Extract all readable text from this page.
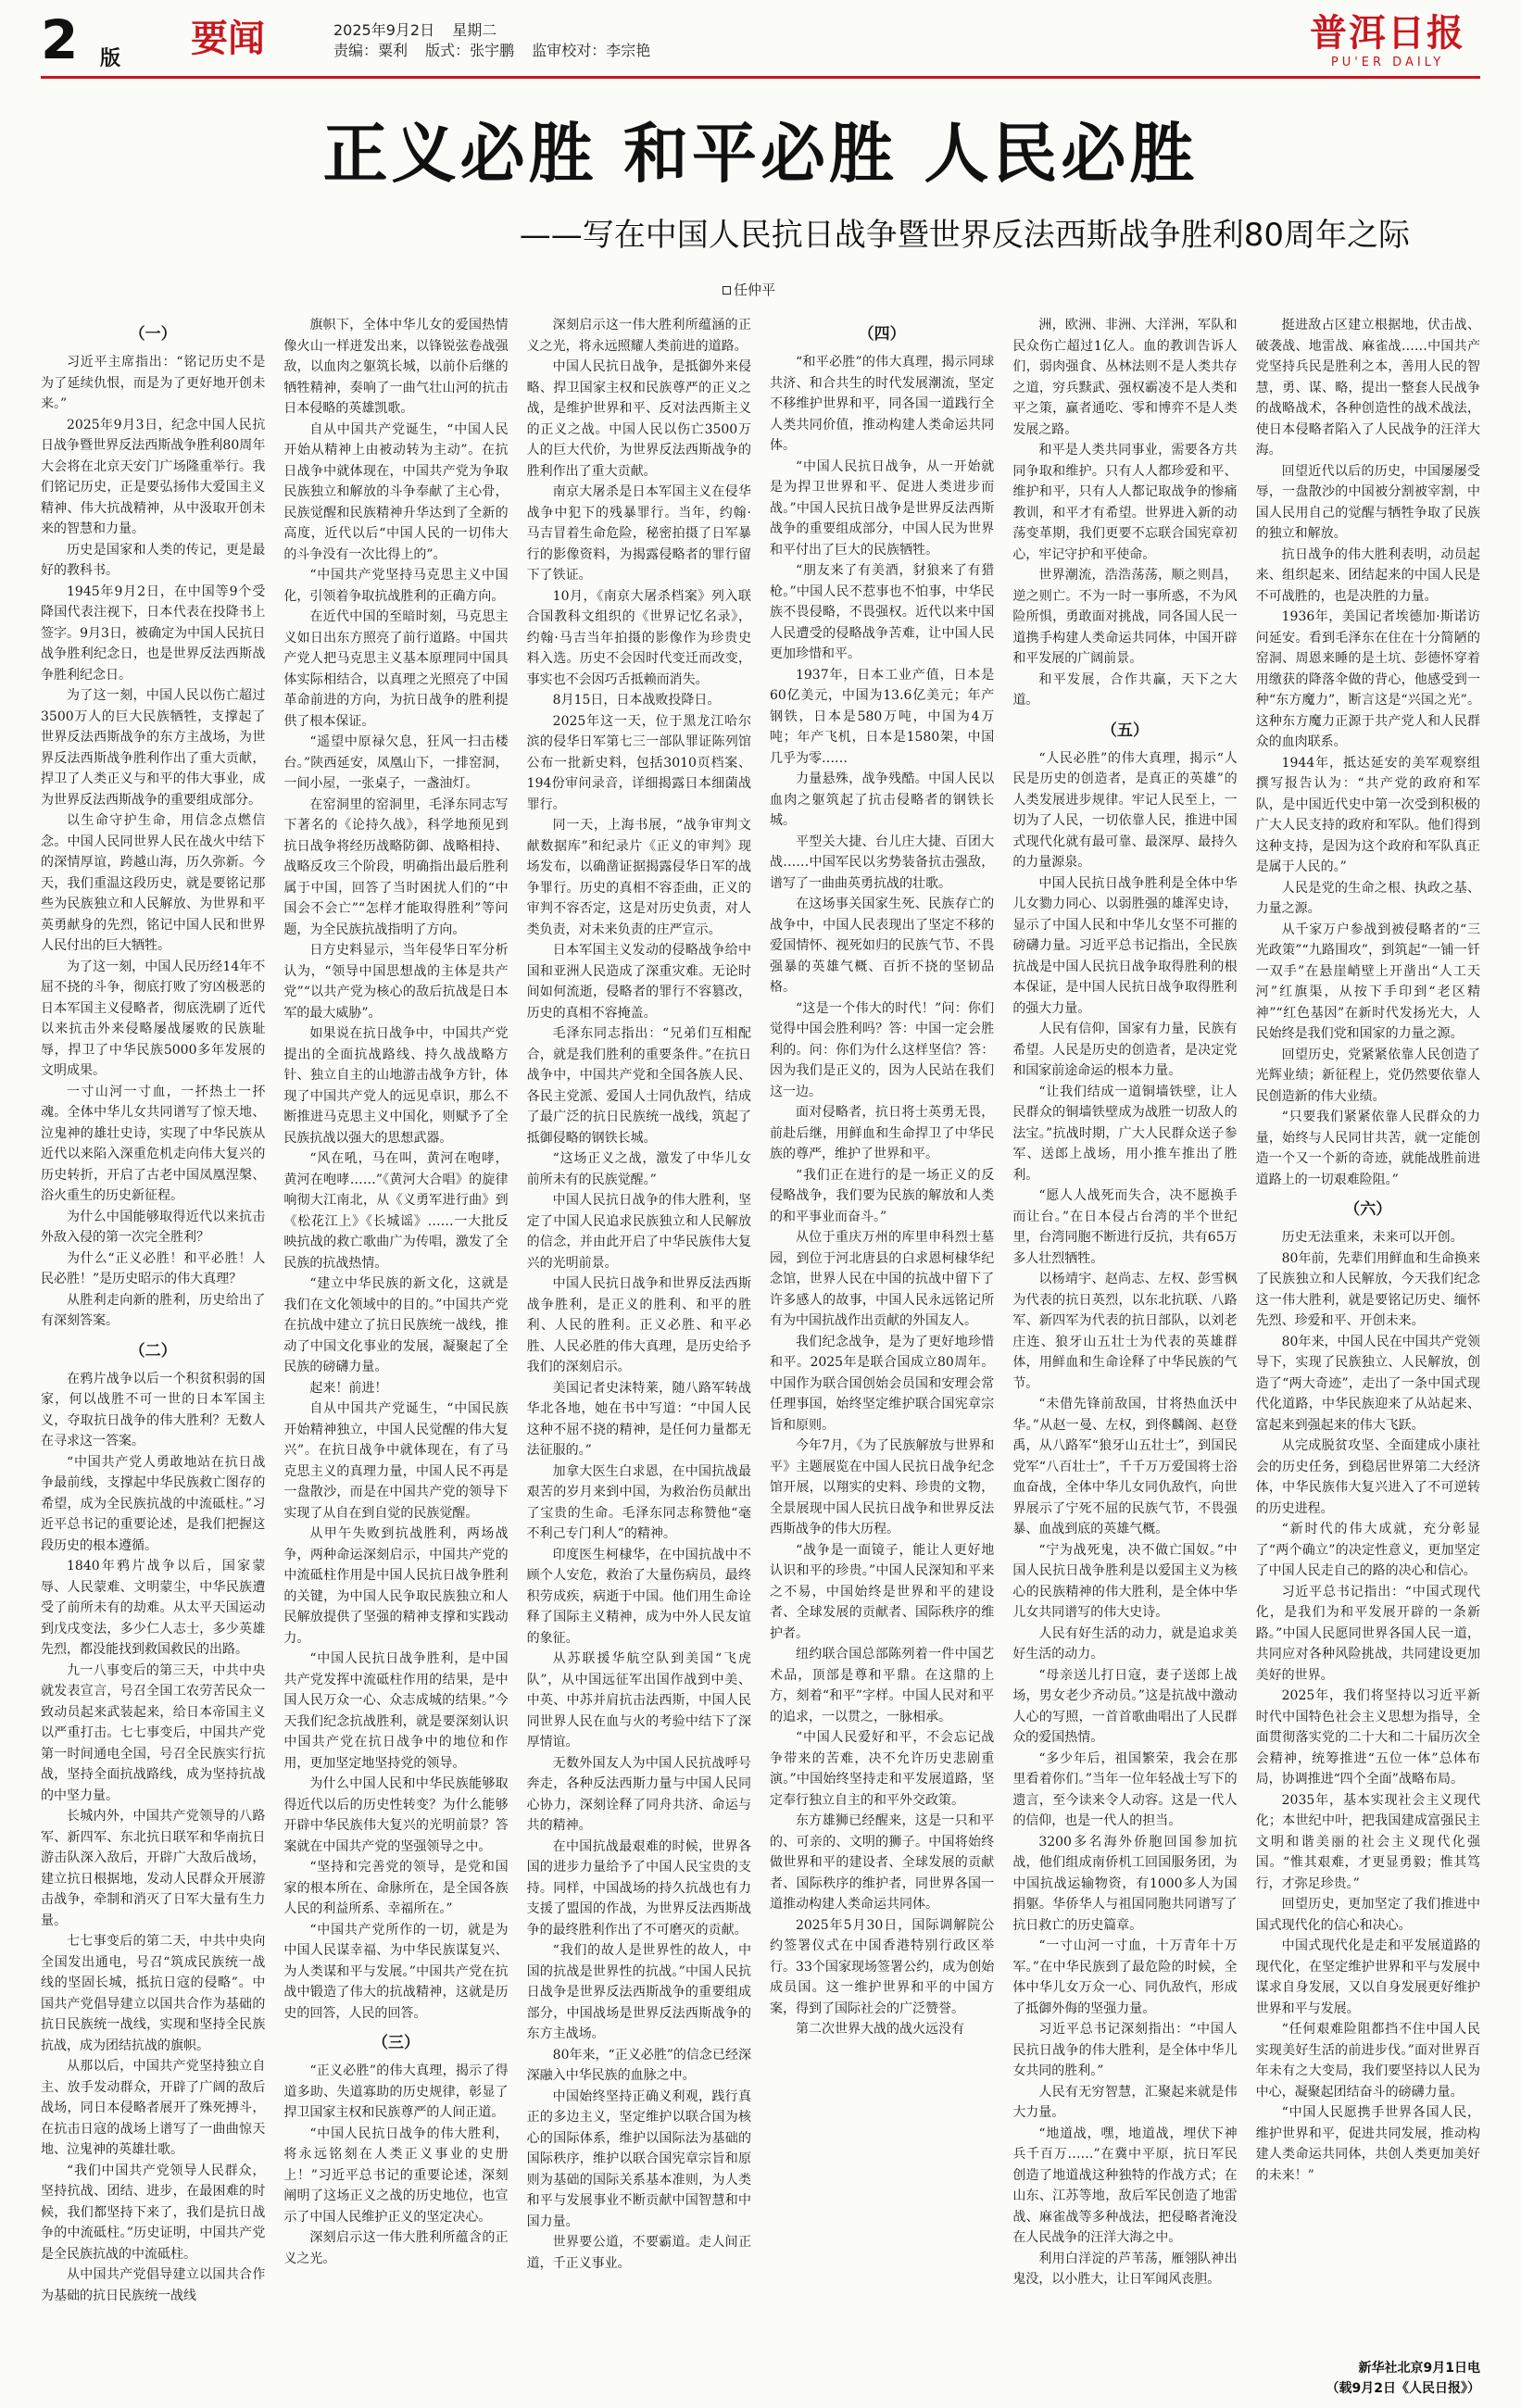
2 版 要闻	2025年9月2日 星期二
责编：粟利 版式：张宇鹏 监审校对：李宗艳	普洱日报
PU'ER DAILY
正义必胜 和平必胜 人民必胜
——写在中国人民抗日战争暨世界反法西斯战争胜利80周年之际
任仲平
（一）

习近平主席指出：“铭记历史不是为了延续仇恨，而是为了更好地开创未来。”

2025年9月3日，纪念中国人民抗日战争暨世界反法西斯战争胜利80周年大会将在北京天安门广场隆重举行。我们铭记历史，正是要弘扬伟大爱国主义精神、伟大抗战精神，从中汲取开创未来的智慧和力量。

历史是国家和人类的传记，更是最好的教科书。

1945年9月2日，在中国等9个受降国代表注视下，日本代表在投降书上签字。9月3日，被确定为中国人民抗日战争胜利纪念日，也是世界反法西斯战争胜利纪念日。

为了这一刻，中国人民以伤亡超过3500万人的巨大民族牺牲，支撑起了世界反法西斯战争的东方主战场，为世界反法西斯战争胜利作出了重大贡献，捍卫了人类正义与和平的伟大事业，成为世界反法西斯战争的重要组成部分。

以生命守护生命，用信念点燃信念。中国人民同世界人民在战火中结下的深情厚谊，跨越山海，历久弥新。今天，我们重温这段历史，就是要铭记那些为民族独立和人民解放、为世界和平英勇献身的先烈，铭记中国人民和世界人民付出的巨大牺牲。

为了这一刻，中国人民历经14年不屈不挠的斗争，彻底打败了穷凶极恶的日本军国主义侵略者，彻底洗刷了近代以来抗击外来侵略屡战屡败的民族耻辱，捍卫了中华民族5000多年发展的文明成果。

一寸山河一寸血，一抔热土一抔魂。全体中华儿女共同谱写了惊天地、泣鬼神的雄壮史诗，实现了中华民族从近代以来陷入深重危机走向伟大复兴的历史转折，开启了古老中国凤凰涅槃、浴火重生的历史新征程。

为什么中国能够取得近代以来抗击外敌入侵的第一次完全胜利？

为什么“正义必胜！和平必胜！人民必胜！”是历史昭示的伟大真理？

从胜利走向新的胜利，历史给出了有深刻答案。

（二）

在鸦片战争以后一个积贫积弱的国家，何以战胜不可一世的日本军国主义，夺取抗日战争的伟大胜利？无数人在寻求这一答案。

“中国共产党人勇敢地站在抗日战争最前线，支撑起中华民族救亡图存的希望，成为全民族抗战的中流砥柱。”习近平总书记的重要论述，是我们把握这段历史的根本遵循。

1840年鸦片战争以后，国家蒙辱、人民蒙难、文明蒙尘，中华民族遭受了前所未有的劫难。从太平天国运动到戊戌变法，多少仁人志士，多少英雄先烈，都没能找到救国救民的出路。

九一八事变后的第三天，中共中央就发表宣言，号召全国工农劳苦民众一致动员起来武装起来，给日本帝国主义以严重打击。七七事变后，中国共产党第一时间通电全国，号召全民族实行抗战，坚持全面抗战路线，成为坚持抗战的中坚力量。

长城内外，中国共产党领导的八路军、新四军、东北抗日联军和华南抗日游击队深入敌后，开辟广大敌后战场，建立抗日根据地，发动人民群众开展游击战争，牵制和消灭了日军大量有生力量。

七七事变后的第二天，中共中央向全国发出通电，号召“筑成民族统一战线的坚固长城，抵抗日寇的侵略”。中国共产党倡导建立以国共合作为基础的抗日民族统一战线，实现和坚持全民族抗战，成为团结抗战的旗帜。

从那以后，中国共产党坚持独立自主、放手发动群众，开辟了广阔的敌后战场，同日本侵略者展开了殊死搏斗，在抗击日寇的战场上谱写了一曲曲惊天地、泣鬼神的英雄壮歌。

“我们中国共产党领导人民群众，坚持抗战、团结、进步，在最困难的时候，我们都坚持下来了，我们是抗日战争的中流砥柱。”历史证明，中国共产党是全民族抗战的中流砥柱。

从中国共产党倡导建立以国共合作为基础的抗日民族统一战线

旗帜下，全体中华儿女的爱国热情像火山一样迸发出来，以锋锐弦卷战强敌，以血肉之躯筑长城，以前仆后继的牺牲精神，奏响了一曲气壮山河的抗击日本侵略的英雄凯歌。

自从中国共产党诞生，“中国人民开始从精神上由被动转为主动”。在抗日战争中就体现在，中国共产党为争取民族独立和解放的斗争奉献了主心骨，民族觉醒和民族精神升华达到了全新的高度，近代以后“中国人民的一切伟大的斗争没有一次比得上的”。

“中国共产党坚持马克思主义中国化，引领着争取抗战胜利的正确方向。

在近代中国的至暗时刻，马克思主义如日出东方照亮了前行道路。中国共产党人把马克思主义基本原理同中国具体实际相结合，以真理之光照亮了中国革命前进的方向，为抗日战争的胜利提供了根本保证。

“遥望中原禄欠息，狂风一扫击楼台。”陕西延安，凤凰山下，一排窑洞，一间小屋，一张桌子，一盏油灯。

在窑洞里的窑洞里，毛泽东同志写下著名的《论持久战》，科学地预见到抗日战争将经历战略防御、战略相持、战略反攻三个阶段，明确指出最后胜利属于中国，回答了当时困扰人们的“中国会不会亡”“怎样才能取得胜利”等问题，为全民族抗战指明了方向。

日方史料显示，当年侵华日军分析认为，“领导中国思想战的主体是共产党”“以共产党为核心的敌后抗战是日本军的最大威胁”。

如果说在抗日战争中，中国共产党提出的全面抗战路线、持久战战略方针、独立自主的山地游击战争方针，体现了中国共产党人的远见卓识，那么不断推进马克思主义中国化，则赋予了全民族抗战以强大的思想武器。

“风在吼，马在叫，黄河在咆哮，黄河在咆哮……”《黄河大合唱》的旋律响彻大江南北，从《义勇军进行曲》到《松花江上》《长城谣》……一大批反映抗战的救亡歌曲广为传唱，激发了全民族的抗战热情。

“建立中华民族的新文化，这就是我们在文化领域中的目的。”中国共产党在抗战中建立了抗日民族统一战线，推动了中国文化事业的发展，凝聚起了全民族的磅礴力量。

起来！前进！

自从中国共产党诞生，“中国民族开始精神独立，中国人民觉醒的伟大复兴”。在抗日战争中就体现在，有了马克思主义的真理力量，中国人民不再是一盘散沙，而是在中国共产党的领导下实现了从自在到自觉的民族觉醒。

从甲午失败到抗战胜利，两场战争，两种命运深刻启示，中国共产党的中流砥柱作用是中国人民抗日战争胜利的关键，为中国人民争取民族独立和人民解放提供了坚强的精神支撑和实践动力。

“中国人民抗日战争胜利，是中国共产党发挥中流砥柱作用的结果，是中国人民万众一心、众志成城的结果。”今天我们纪念抗战胜利，就是要深刻认识中国共产党在抗日战争中的地位和作用，更加坚定地坚持党的领导。

为什么中国人民和中华民族能够取得近代以后的历史性转变？为什么能够开辟中华民族伟大复兴的光明前景？答案就在中国共产党的坚强领导之中。

“坚持和完善党的领导，是党和国家的根本所在、命脉所在，是全国各族人民的利益所系、幸福所在。”

“中国共产党所作的一切，就是为中国人民谋幸福、为中华民族谋复兴、为人类谋和平与发展。”中国共产党在抗战中锻造了伟大的抗战精神，这就是历史的回答，人民的回答。

（三）

“正义必胜”的伟大真理，揭示了得道多助、失道寡助的历史规律，彰显了捍卫国家主权和民族尊严的人间正道。

“中国人民抗日战争的伟大胜利，将永远铭刻在人类正义事业的史册上！”习近平总书记的重要论述，深刻阐明了这场正义之战的历史地位，也宣示了中国人民维护正义的坚定决心。

深刻启示这一伟大胜利所蕴含的正义之光。

深刻启示这一伟大胜利所蕴涵的正义之光，将永远照耀人类前进的道路。

中国人民抗日战争，是抵御外来侵略、捍卫国家主权和民族尊严的正义之战，是维护世界和平、反对法西斯主义的正义之战。中国人民以伤亡3500万人的巨大代价，为世界反法西斯战争的胜利作出了重大贡献。

南京大屠杀是日本军国主义在侵华战争中犯下的残暴罪行。当年，约翰·马吉冒着生命危险，秘密拍摄了日军暴行的影像资料，为揭露侵略者的罪行留下了铁证。

10月，《南京大屠杀档案》列入联合国教科文组织的《世界记忆名录》，约翰·马吉当年拍摄的影像作为珍贵史料入选。历史不会因时代变迁而改变，事实也不会因巧舌抵赖而消失。

8月15日，日本战败投降日。

2025年这一天，位于黑龙江哈尔滨的侵华日军第七三一部队罪证陈列馆公布一批新史料，包括3010页档案、194份审问录音，详细揭露日本细菌战罪行。

同一天，上海书展，“战争审判文献数据库”和纪录片《正义的审判》现场发布，以确凿证据揭露侵华日军的战争罪行。历史的真相不容歪曲，正义的审判不容否定，这是对历史负责，对人类负责，对未来负责的庄严宣示。

日本军国主义发动的侵略战争给中国和亚洲人民造成了深重灾难。无论时间如何流逝，侵略者的罪行不容篡改，历史的真相不容掩盖。

毛泽东同志指出：“兄弟们互相配合，就是我们胜利的重要条件。”在抗日战争中，中国共产党和全国各族人民、各民主党派、爱国人士同仇敌忾，结成了最广泛的抗日民族统一战线，筑起了抵御侵略的钢铁长城。

“这场正义之战，激发了中华儿女前所未有的民族觉醒。”

中国人民抗日战争的伟大胜利，坚定了中国人民追求民族独立和人民解放的信念，并由此开启了中华民族伟大复兴的光明前景。

中国人民抗日战争和世界反法西斯战争胜利，是正义的胜利、和平的胜利、人民的胜利。正义必胜、和平必胜、人民必胜的伟大真理，是历史给予我们的深刻启示。

美国记者史沫特莱，随八路军转战华北各地，她在书中写道：“中国人民这种不屈不挠的精神，是任何力量都无法征服的。”

加拿大医生白求恩，在中国抗战最艰苦的岁月来到中国，为救治伤员献出了宝贵的生命。毛泽东同志称赞他“毫不利己专门利人”的精神。

印度医生柯棣华，在中国抗战中不顾个人安危，救治了大量伤病员，最终积劳成疾，病逝于中国。他们用生命诠释了国际主义精神，成为中外人民友谊的象征。

从苏联援华航空队到美国“飞虎队”，从中国远征军出国作战到中美、中英、中苏并肩抗击法西斯，中国人民同世界人民在血与火的考验中结下了深厚情谊。

无数外国友人为中国人民抗战呼号奔走，各种反法西斯力量与中国人民同心协力，深刻诠释了同舟共济、命运与共的精神。

在中国抗战最艰难的时候，世界各国的进步力量给予了中国人民宝贵的支持。同样，中国战场的持久抗战也有力支援了盟国的作战，为世界反法西斯战争的最终胜利作出了不可磨灭的贡献。

“我们的故人是世界性的故人，中国的抗战是世界性的抗战。”中国人民抗日战争是世界反法西斯战争的重要组成部分，中国战场是世界反法西斯战争的东方主战场。

80年来，“正义必胜”的信念已经深深融入中华民族的血脉之中。

中国始终坚持正确义利观，践行真正的多边主义，坚定维护以联合国为核心的国际体系，维护以国际法为基础的国际秩序，维护以联合国宪章宗旨和原则为基础的国际关系基本准则，为人类和平与发展事业不断贡献中国智慧和中国力量。

世界要公道，不要霸道。走人间正道，千正义事业。

（四）

“和平必胜”的伟大真理，揭示同球共济、和合共生的时代发展潮流，坚定不移维护世界和平，同各国一道践行全人类共同价值，推动构建人类命运共同体。

“中国人民抗日战争，从一开始就是为捍卫世界和平、促进人类进步而战。”中国人民抗日战争是世界反法西斯战争的重要组成部分，中国人民为世界和平付出了巨大的民族牺牲。

“朋友来了有美酒，豺狼来了有猎枪。”中国人民不惹事也不怕事，中华民族不畏侵略，不畏强权。近代以来中国人民遭受的侵略战争苦难，让中国人民更加珍惜和平。

1937年，日本工业产值，日本是60亿美元，中国为13.6亿美元；年产钢铁，日本是580万吨，中国为4万吨；年产飞机，日本是1580架，中国几乎为零……

力量悬殊，战争残酷。中国人民以血肉之躯筑起了抗击侵略者的钢铁长城。

平型关大捷、台儿庄大捷、百团大战……中国军民以劣势装备抗击强敌，谱写了一曲曲英勇抗战的壮歌。

在这场事关国家生死、民族存亡的战争中，中国人民表现出了坚定不移的爱国情怀、视死如归的民族气节、不畏强暴的英雄气概、百折不挠的坚韧品格。

“这是一个伟大的时代！”问：你们觉得中国会胜利吗？答：中国一定会胜利的。问：你们为什么这样坚信？答：因为我们是正义的，因为人民站在我们这一边。

面对侵略者，抗日将士英勇无畏，前赴后继，用鲜血和生命捍卫了中华民族的尊严，维护了世界和平。

“我们正在进行的是一场正义的反侵略战争，我们要为民族的解放和人类的和平事业而奋斗。”

从位于重庆万州的库里申科烈士墓园，到位于河北唐县的白求恩柯棣华纪念馆，世界人民在中国的抗战中留下了许多感人的故事，中国人民永远铭记所有为中国抗战作出贡献的外国友人。

我们纪念战争，是为了更好地珍惜和平。2025年是联合国成立80周年。中国作为联合国创始会员国和安理会常任理事国，始终坚定维护联合国宪章宗旨和原则。

今年7月，《为了民族解放与世界和平》主题展览在中国人民抗日战争纪念馆开展，以翔实的史料、珍贵的文物，全景展现中国人民抗日战争和世界反法西斯战争的伟大历程。

“战争是一面镜子，能让人更好地认识和平的珍贵。”中国人民深知和平来之不易，中国始终是世界和平的建设者、全球发展的贡献者、国际秩序的维护者。

纽约联合国总部陈列着一件中国艺术品，顶部是尊和平鼎。在这鼎的上方，刻着“和平”字样。中国人民对和平的追求，一以贯之，一脉相承。

“中国人民爱好和平，不会忘记战争带来的苦难，决不允许历史悲剧重演。”中国始终坚持走和平发展道路，坚定奉行独立自主的和平外交政策。

东方雄狮已经醒来，这是一只和平的、可亲的、文明的狮子。中国将始终做世界和平的建设者、全球发展的贡献者、国际秩序的维护者，同世界各国一道推动构建人类命运共同体。

2025年5月30日，国际调解院公约签署仪式在中国香港特别行政区举行。33个国家现场签署公约，成为创始成员国。这一维护世界和平的中国方案，得到了国际社会的广泛赞誉。

第二次世界大战的战火远没有

洲，欧洲、非洲、大洋洲，军队和民众伤亡超过1亿人。血的教训告诉人们，弱肉强食、丛林法则不是人类共存之道，穷兵黩武、强权霸凌不是人类和平之策，赢者通吃、零和博弈不是人类发展之路。

和平是人类共同事业，需要各方共同争取和维护。只有人人都珍爱和平、维护和平，只有人人都记取战争的惨痛教训，和平才有希望。世界进入新的动荡变革期，我们更要不忘联合国宪章初心，牢记守护和平使命。

世界潮流，浩浩荡荡，顺之则昌，逆之则亡。不为一时一事所惑，不为风险所惧，勇敢面对挑战，同各国人民一道携手构建人类命运共同体，中国开辟和平发展的广阔前景。

和平发展，合作共赢，天下之大道。

（五）

“人民必胜”的伟大真理，揭示“人民是历史的创造者，是真正的英雄”的人类发展进步规律。牢记人民至上，一切为了人民，一切依靠人民，推进中国式现代化就有最可靠、最深厚、最持久的力量源泉。

中国人民抗日战争胜利是全体中华儿女勠力同心、以弱胜强的雄浑史诗，显示了中国人民和中华儿女坚不可摧的磅礴力量。习近平总书记指出，全民族抗战是中国人民抗日战争取得胜利的根本保证，是中国人民抗日战争取得胜利的强大力量。

人民有信仰，国家有力量，民族有希望。人民是历史的创造者，是决定党和国家前途命运的根本力量。

“让我们结成一道铜墙铁壁，让人民群众的铜墙铁壁成为战胜一切敌人的法宝。”抗战时期，广大人民群众送子参军、送郎上战场，用小推车推出了胜利。

“愿人人战死而失合，决不愿换手而让台。”在日本侵占台湾的半个世纪里，台湾同胞不断进行反抗，共有65万多人壮烈牺牲。

以杨靖宇、赵尚志、左权、彭雪枫为代表的抗日英烈，以东北抗联、八路军、新四军为代表的抗日部队，以刘老庄连、狼牙山五壮士为代表的英雄群体，用鲜血和生命诠释了中华民族的气节。

“未借先锋前敌国，甘将热血沃中华。”从赵一曼、左权，到佟麟阁、赵登禹，从八路军“狼牙山五壮士”，到国民党军“八百壮士”，千千万万爱国将士浴血奋战，全体中华儿女同仇敌忾，向世界展示了宁死不屈的民族气节，不畏强暴、血战到底的英雄气概。

“宁为战死鬼，决不做亡国奴。”中国人民抗日战争胜利是以爱国主义为核心的民族精神的伟大胜利，是全体中华儿女共同谱写的伟大史诗。

人民有好生活的动力，就是追求美好生活的动力。

“母亲送儿打日寇，妻子送郎上战场，男女老少齐动员。”这是抗战中激动人心的写照，一首首歌曲唱出了人民群众的爱国热情。

“多少年后，祖国繁荣，我会在那里看着你们。”当年一位年轻战士写下的遗言，至今读来令人动容。这是一代人的信仰，也是一代人的担当。

3200多名海外侨胞回国参加抗战，他们组成南侨机工回国服务团，为中国抗战运输物资，有1000多人为国捐躯。华侨华人与祖国同胞共同谱写了抗日救亡的历史篇章。

“一寸山河一寸血，十万青年十万军。”在中华民族到了最危险的时候，全体中华儿女万众一心、同仇敌忾，形成了抵御外侮的坚强力量。

习近平总书记深刻指出：“中国人民抗日战争的伟大胜利，是全体中华儿女共同的胜利。”

人民有无穷智慧，汇聚起来就是伟大力量。

“地道战，嘿，地道战，埋伏下神兵千百万……”在冀中平原，抗日军民创造了地道战这种独特的作战方式；在山东、江苏等地，敌后军民创造了地雷战、麻雀战等多种战法，把侵略者淹没在人民战争的汪洋大海之中。

利用白洋淀的芦苇荡，雁翎队神出鬼没，以小胜大，让日军闻风丧胆。

挺进敌占区建立根据地，伏击战、破袭战、地雷战、麻雀战……中国共产党坚持兵民是胜利之本，善用人民的智慧，勇、谋、略，提出一整套人民战争的战略战术，各种创造性的战术战法，使日本侵略者陷入了人民战争的汪洋大海。

回望近代以后的历史，中国屡屡受辱，一盘散沙的中国被分割被宰割，中国人民用自己的觉醒与牺牲争取了民族的独立和解放。

抗日战争的伟大胜利表明，动员起来、组织起来、团结起来的中国人民是不可战胜的，也是决胜的力量。

1936年，美国记者埃德加·斯诺访问延安。看到毛泽东在住在十分简陋的窑洞、周恩来睡的是土坑、彭德怀穿着用缴获的降落伞做的背心，他感受到一种“东方魔力”，断言这是“兴国之光”。这种东方魔力正源于共产党人和人民群众的血肉联系。

1944年，抵达延安的美军观察组撰写报告认为：“共产党的政府和军队，是中国近代史中第一次受到积极的广大人民支持的政府和军队。他们得到这种支持，是因为这个政府和军队真正是属于人民的。”

人民是党的生命之根、执政之基、力量之源。

从千家万户参战到被侵略者的“三光政策”“九路围攻”，到筑起“一铺一钎一双手”在悬崖峭壁上开凿出“人工天河”红旗渠，从按下手印到“老区精神”“红色基因”在新时代发扬光大，人民始终是我们党和国家的力量之源。

回望历史，党紧紧依靠人民创造了光辉业绩；新征程上，党仍然要依靠人民创造新的伟大业绩。

“只要我们紧紧依靠人民群众的力量，始终与人民同甘共苦，就一定能创造一个又一个新的奇迹，就能战胜前进道路上的一切艰难险阻。”

（六）

历史无法重来，未来可以开创。

80年前，先辈们用鲜血和生命换来了民族独立和人民解放，今天我们纪念这一伟大胜利，就是要铭记历史、缅怀先烈、珍爱和平、开创未来。

80年来，中国人民在中国共产党领导下，实现了民族独立、人民解放，创造了“两大奇迹”，走出了一条中国式现代化道路，中华民族迎来了从站起来、富起来到强起来的伟大飞跃。

从完成脱贫攻坚、全面建成小康社会的历史任务，到稳居世界第二大经济体，中华民族伟大复兴进入了不可逆转的历史进程。

“新时代的伟大成就，充分彰显了“两个确立”的决定性意义，更加坚定了中国人民走自己的路的决心和信心。

习近平总书记指出：“中国式现代化，是我们为和平发展开辟的一条新路。”中国人民愿同世界各国人民一道，共同应对各种风险挑战，共同建设更加美好的世界。

2025年，我们将坚持以习近平新时代中国特色社会主义思想为指导，全面贯彻落实党的二十大和二十届历次全会精神，统筹推进“五位一体”总体布局，协调推进“四个全面”战略布局。

2035年，基本实现社会主义现代化；本世纪中叶，把我国建成富强民主文明和谐美丽的社会主义现代化强国。“惟其艰难，才更显勇毅；惟其笃行，才弥足珍贵。”

回望历史，更加坚定了我们推进中国式现代化的信心和决心。

中国式现代化是走和平发展道路的现代化，在坚定维护世界和平与发展中谋求自身发展，又以自身发展更好维护世界和平与发展。

“任何艰难险阻都挡不住中国人民实现美好生活的前进步伐。”面对世界百年未有之大变局，我们要坚持以人民为中心，凝聚起团结奋斗的磅礴力量。

“中国人民愿携手世界各国人民，维护世界和平，促进共同发展，推动构建人类命运共同体，共创人类更加美好的未来！”

新华社北京9月1日电
（载9月2日《人民日报》）
